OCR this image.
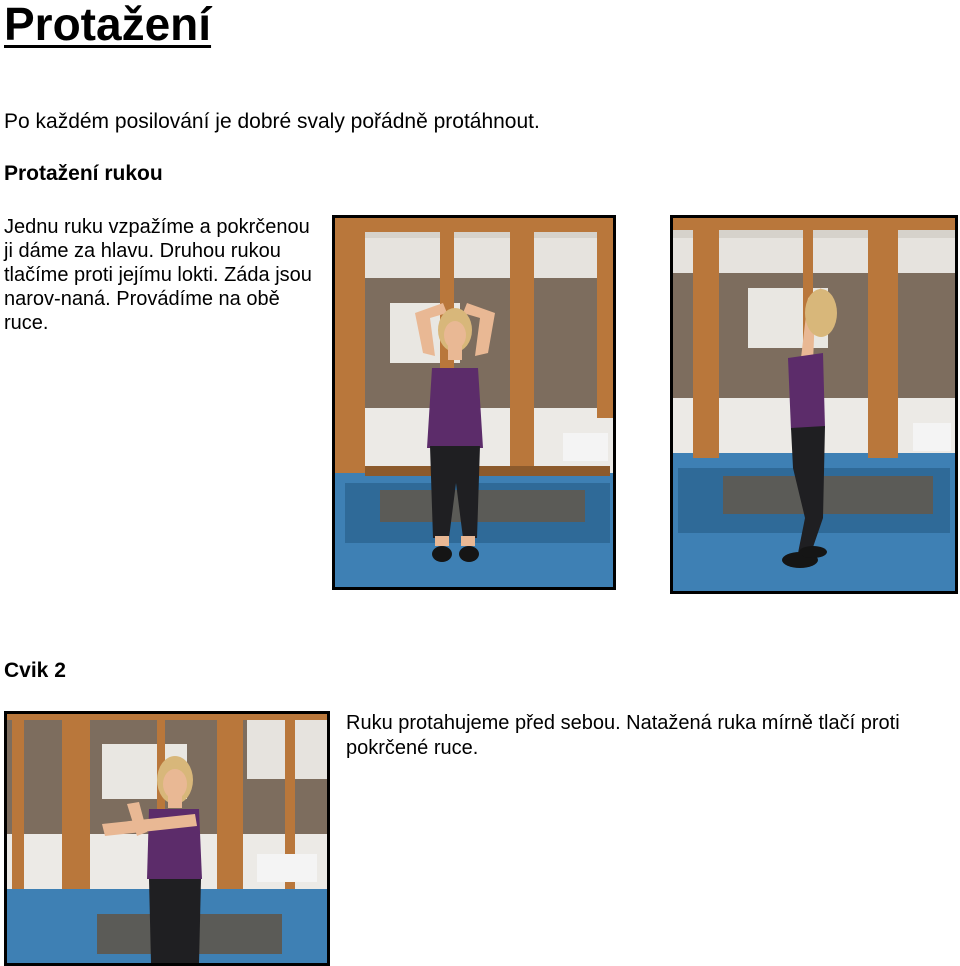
Protažení
Po každém posilování je dobré svaly pořádně protáhnout.
Protažení rukou
Jednu ruku vzpažíme a pokrčenou ji dáme za hlavu. Druhou rukou tlačíme proti jejímu lokti. Záda jsou narov-naná. Provádíme na obě ruce.
Cvik 2
Ruku protahujeme před sebou. Natažená ruka mírně tlačí proti pokrčené ruce.
